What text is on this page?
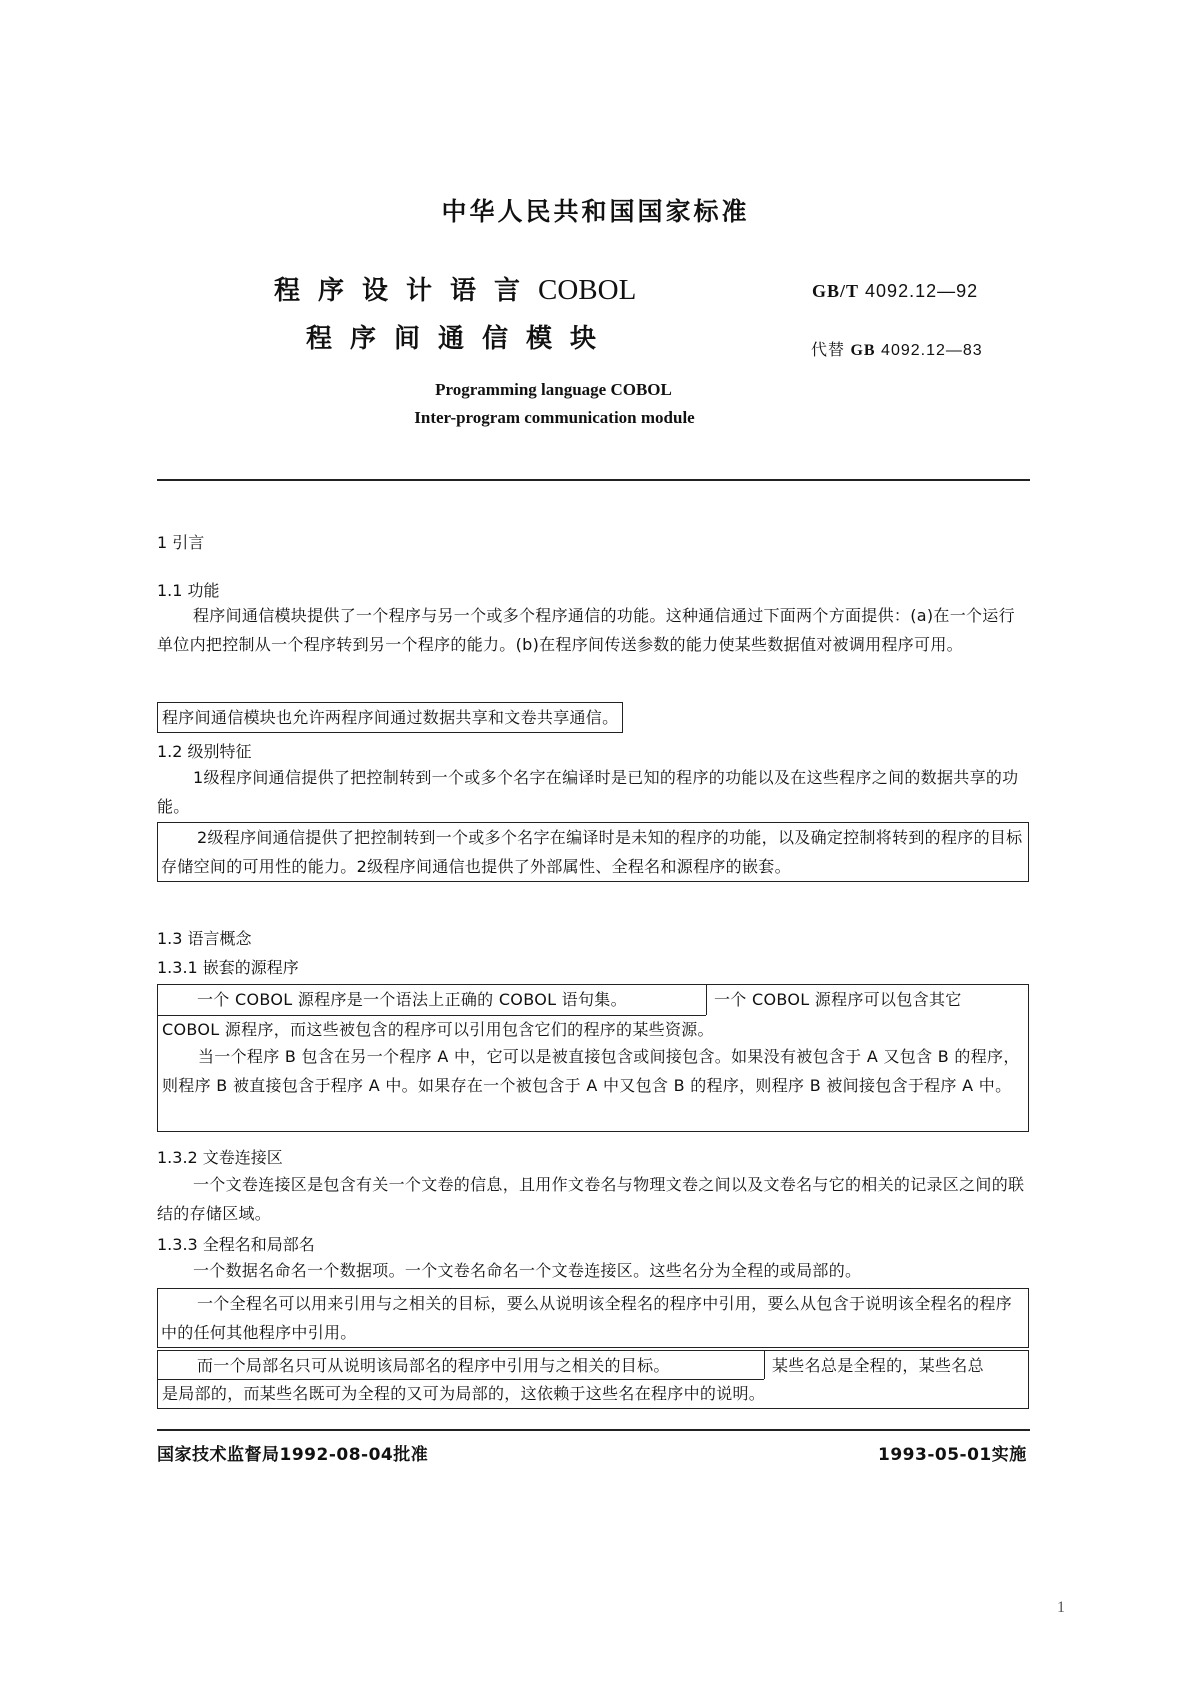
中华人民共和国国家标准
程序设计语言COBOL
程序间通信模块
GB/T 4092.12—92
代替 GB 4092.12—83
Programming language COBOL
Inter-program communication module
1 引言
1.1 功能
程序间通信模块提供了一个程序与另一个或多个程序通信的功能。这种通信通过下面两个方面提供：(a)在一个运行单位内把控制从一个程序转到另一个程序的能力。(b)在程序间传送参数的能力使某些数据值对被调用程序可用。
程序间通信模块也允许两程序间通过数据共享和文卷共享通信。
1.2 级别特征
1级程序间通信提供了把控制转到一个或多个名字在编译时是已知的程序的功能以及在这些程序之间的数据共享的功能。
2级程序间通信提供了把控制转到一个或多个名字在编译时是未知的程序的功能，以及确定控制将转到的程序的目标存储空间的可用性的能力。2级程序间通信也提供了外部属性、全程名和源程序的嵌套。
1.3 语言概念
1.3.1 嵌套的源程序
一个 COBOL 源程序是一个语法上正确的 COBOL 语句集。	一个 COBOL 源程序可以包含其它
COBOL 源程序，而这些被包含的程序可以引用包含它们的程序的某些资源。
当一个程序 B 包含在另一个程序 A 中，它可以是被直接包含或间接包含。如果没有被包含于 A 又包含 B 的程序，则程序 B 被直接包含于程序 A 中。如果存在一个被包含于 A 中又包含 B 的程序，则程序 B 被间接包含于程序 A 中。
1.3.2 文卷连接区
一个文卷连接区是包含有关一个文卷的信息，且用作文卷名与物理文卷之间以及文卷名与它的相关的记录区之间的联结的存储区域。
1.3.3 全程名和局部名
一个数据名命名一个数据项。一个文卷名命名一个文卷连接区。这些名分为全程的或局部的。
一个全程名可以用来引用与之相关的目标，要么从说明该全程名的程序中引用，要么从包含于说明该全程名的程序中的任何其他程序中引用。
而一个局部名只可从说明该局部名的程序中引用与之相关的目标。	某些名总是全程的，某些名总
是局部的，而某些名既可为全程的又可为局部的，这依赖于这些名在程序中的说明。
国家技术监督局1992-08-04批准	1993-05-01实施
1
